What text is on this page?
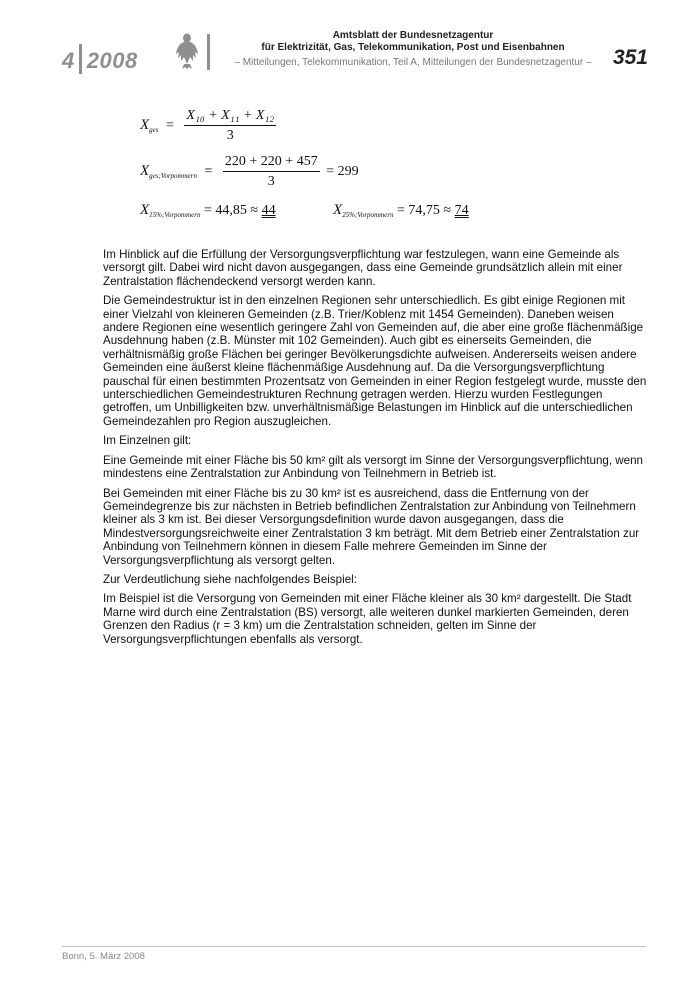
4 2008
Amtsblatt der Bundesnetzagentur
für Elektrizität, Gas, Telekommunikation, Post und Eisenbahnen
– Mitteilungen, Telekommunikation, Teil A, Mitteilungen der Bundesnetzagentur –	351
$X_{ges} = \frac{\text{X₁₀ + X₁₁ + X₁₂}}{3}$
$X_{ges;Vorpommern} = \frac{220 + 220 + 457}{3} = 299$
$X_{15\%;Vorpommern} = 44,85 \approx 44$	$X_{25\%;Vorpommern} = 74,75 \approx 74$

Im Hinblick auf die Erfüllung der Versorgungsverpflichtung war festzulegen, wann eine Gemeinde als versorgt gilt. Dabei wird nicht davon ausgegangen, dass eine Gemeinde grundsätzlich allein mit einer Zentralstation flächendeckend versorgt werden kann.

Die Gemeindestruktur ist in den einzelnen Regionen sehr unterschiedlich. Es gibt einige Regionen mit einer Vielzahl von kleineren Gemeinden (z.B. Trier/Koblenz mit 1454 Gemeinden). Daneben weisen andere Regionen eine wesentlich geringere Zahl von Gemeinden auf, die aber eine große flächenmäßige Ausdehnung haben (z.B. Münster mit 102 Gemeinden). Auch gibt es einerseits Gemeinden, die verhältnismäßig große Flächen bei geringer Bevölkerungsdichte aufweisen. Andererseits weisen andere Gemeinden eine äußerst kleine flächenmäßige Ausdehnung auf. Da die Versorgungsverpflichtung pauschal für einen bestimmten Prozentsatz von Gemeinden in einer Region festgelegt wurde, musste den unterschiedlichen Gemeindestrukturen Rechnung getragen werden. Hierzu wurden Festlegungen getroffen, um Unbilligkeiten bzw. unverhältnismäßige Belastungen im Hinblick auf die unterschiedlichen Gemeindezahlen pro Region auszugleichen.

Im Einzelnen gilt:

Eine Gemeinde mit einer Fläche bis 50 km² gilt als versorgt im Sinne der Versorgungsverpflichtung, wenn mindestens eine Zentralstation zur Anbindung von Teilnehmern in Betrieb ist.

Bei Gemeinden mit einer Fläche bis zu 30 km² ist es ausreichend, dass die Entfernung von der Gemeindegrenze bis zur nächsten in Betrieb befindlichen Zentralstation zur Anbindung von Teilnehmern kleiner als 3 km ist. Bei dieser Versorgungsdefinition wurde davon ausgegangen, dass die Mindestversorgungsreichweite einer Zentralstation 3 km beträgt. Mit dem Betrieb einer Zentralstation zur Anbindung von Teilnehmern können in diesem Falle mehrere Gemeinden im Sinne der Versorgungsverpflichtung als versorgt gelten.

Zur Verdeutlichung siehe nachfolgendes Beispiel:

Im Beispiel ist die Versorgung von Gemeinden mit einer Fläche kleiner als 30 km² dargestellt. Die Stadt Marne wird durch eine Zentralstation (BS) versorgt, alle weiteren dunkel markierten Gemeinden, deren Grenzen den Radius (r = 3 km) um die Zentralstation schneiden, gelten im Sinne der Versorgungsverpflichtungen ebenfalls als versorgt.

Bonn, 5. März 2008
